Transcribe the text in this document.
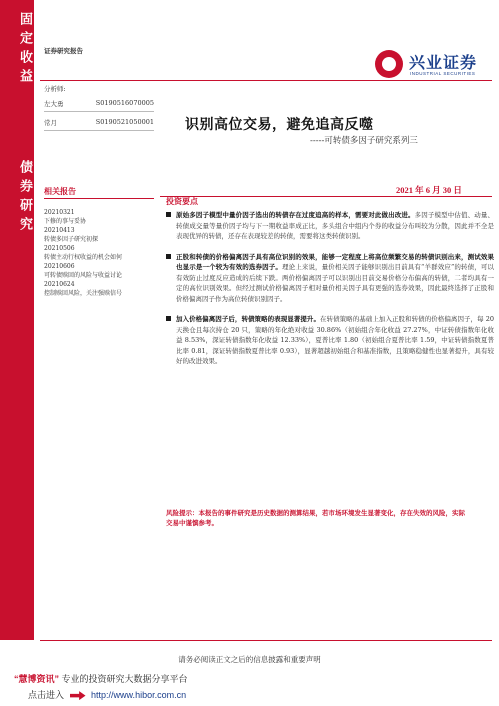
固定收益
债券研究
证券研究报告
兴业证券
INDUSTRIAL SECURITIES
分析师:
左大勇	S0190516070005
常月	S0190521050001 识别高位交易，避免追高反噬
-----可转债多因子研究系列三
2021 年 6 月 30 日
相关报告
20210321
下修的事与妥协
20210413
转债多因子研究初探
20210506
转债主动行权收益的机会如何
20210606
可转债赎回的风险与收益讨论
20210624
控制赎回风险，关注强赎信号
投资要点
原始多因子模型中量价因子选出的转债存在过度追高的样本，需要对此做出改进。多因子模型中估值、动量、转债成交量等量价因子均与下一期收益率成正比，多头组合中组内个券的收益分布叫较为分散，因此并不全是表现优异的转债，还存在表现较差的转债，需要将这类转债识别。
正股和转债的价格偏离因子具有高位识别的效果，能够一定程度上将高位频繁交易的转债识别出来，测试效果也显示是一个较为有效的选券因子。理论上来说，量价相关因子能够识别出目前具有“羊群效应”的转债，可以有效防止过度反应造成的后续下跌。两价格偏离因子可以识别出目前交易价格分布偏高的转债，二者均具有一定的高位识别效果。但经过测试价格偏离因子相对量价相关因子具有更强的选券效果，因此最终选择了正股和价格偏离因子作为高位转债识别因子。
加入价格偏离因子后，转债策略的表现显著提升。在转债策略的基础上加入正股和转债的价格偏离因子，每 20 天换仓且每次持仓 20 只，策略的年化绝对收益 30.86%（初始组合年化收益 27.27%，中证转债指数年化收益 8.53%，深证转债指数年化收益 12.33%），夏普比率 1.80（初始组合夏普比率 1.59，中证转债指数夏普比率 0.81，深证转债指数夏普比率 0.93），显著超越初始组合和基准指数，且策略稳健性也显著提升，具有较好的改进效果。
风险提示：本报告的事件研究是历史数据的测算结果，若市场环境发生显著变化，存在失效的风险，实际交易中谨慎参考。
请务必阅读正文之后的信息披露和重要声明
“慧博资讯” 专业的投资研究大数据分享平台
点击进入	http://www.hibor.com.cn
